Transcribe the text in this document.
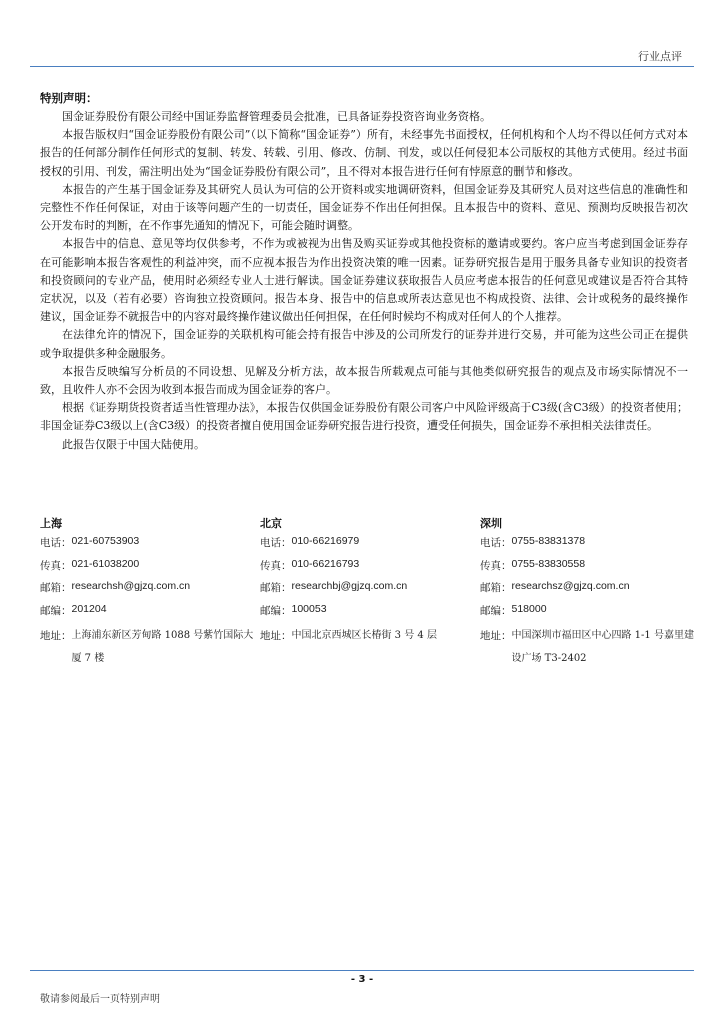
行业点评
特别声明：

国金证券股份有限公司经中国证券监督管理委员会批准，已具备证券投资咨询业务资格。

本报告版权归“国金证券股份有限公司”（以下简称“国金证券”）所有，未经事先书面授权，任何机构和个人均不得以任何方式对本报告的任何部分制作任何形式的复制、转发、转载、引用、修改、仿制、刊发，或以任何侵犯本公司版权的其他方式使用。经过书面授权的引用、刊发，需注明出处为“国金证券股份有限公司”，且不得对本报告进行任何有悖原意的删节和修改。

本报告的产生基于国金证券及其研究人员认为可信的公开资料或实地调研资料，但国金证券及其研究人员对这些信息的准确性和完整性不作任何保证，对由于该等问题产生的一切责任，国金证券不作出任何担保。且本报告中的资料、意见、预测均反映报告初次公开发布时的判断，在不作事先通知的情况下，可能会随时调整。

本报告中的信息、意见等均仅供参考，不作为或被视为出售及购买证券或其他投资标的邀请或要约。客户应当考虑到国金证券存在可能影响本报告客观性的利益冲突，而不应视本报告为作出投资决策的唯一因素。证券研究报告是用于服务具备专业知识的投资者和投资顾问的专业产品，使用时必须经专业人士进行解读。国金证券建议获取报告人员应考虑本报告的任何意见或建议是否符合其特定状况，以及（若有必要）咨询独立投资顾问。报告本身、报告中的信息或所表达意见也不构成投资、法律、会计或税务的最终操作建议，国金证券不就报告中的内容对最终操作建议做出任何担保，在任何时候均不构成对任何人的个人推荐。

在法律允许的情况下，国金证券的关联机构可能会持有报告中涉及的公司所发行的证券并进行交易，并可能为这些公司正在提供或争取提供多种金融服务。

本报告反映编写分析员的不同设想、见解及分析方法，故本报告所载观点可能与其他类似研究报告的观点及市场实际情况不一致，且收件人亦不会因为收到本报告而成为国金证券的客户。

根据《证券期货投资者适当性管理办法》，本报告仅供国金证券股份有限公司客户中风险评级高于C3级(含C3级）的投资者使用；非国金证券C3级以上(含C3级）的投资者擅自使用国金证券研究报告进行投资，遭受任何损失，国金证券不承担相关法律责任。

此报告仅限于中国大陆使用。

上海
电话： 021-60753903
传真： 021-61038200
邮箱： researchsh@gjzq.com.cn
邮编： 201204
地址： 上海浦东新区芳甸路 1088 号紫竹国际大厦 7 楼
北京
电话： 010-66216979
传真： 010-66216793
邮箱： researchbj@gjzq.com.cn
邮编： 100053
地址： 中国北京西城区长椿街 3 号 4 层
深圳
电话： 0755-83831378
传真： 0755-83830558
邮箱： researchsz@gjzq.com.cn
邮编： 518000
地址： 中国深圳市福田区中心四路 1-1 号嘉里建设广场 T3-2402
- 3 -
敬请参阅最后一页特别声明
